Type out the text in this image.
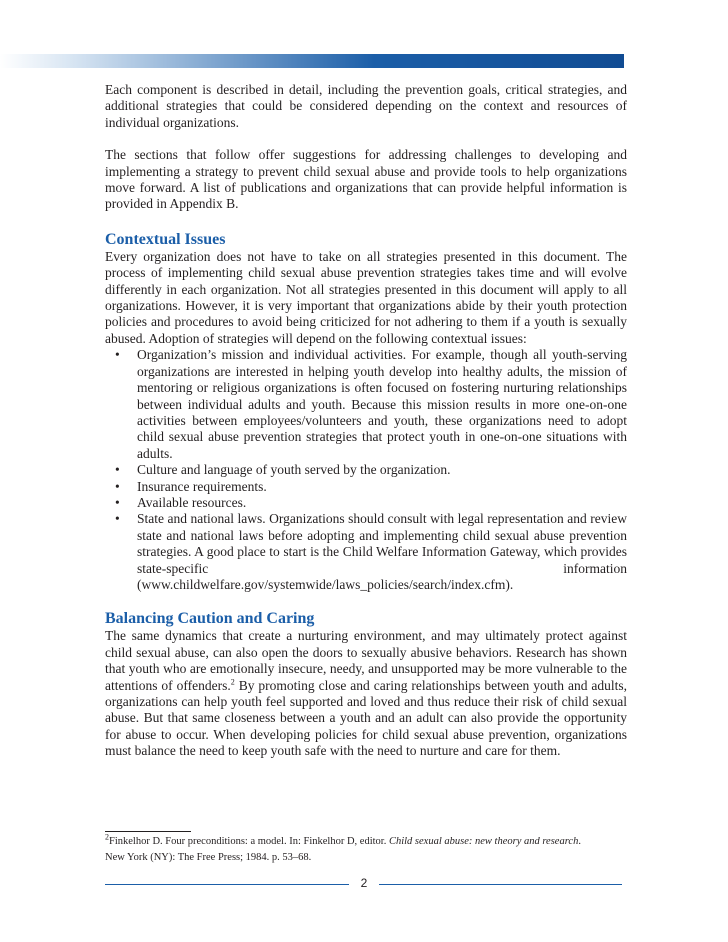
Each component is described in detail, including the prevention goals, critical strategies, and additional strategies that could be considered depending on the context and resources of individual organizations.

The sections that follow offer suggestions for addressing challenges to developing and implementing a strategy to prevent child sexual abuse and provide tools to help organizations move forward. A list of publications and organizations that can provide helpful information is provided in Appendix B.

Contextual Issues

Every organization does not have to take on all strategies presented in this document. The process of implementing child sexual abuse prevention strategies takes time and will evolve differently in each organization. Not all strategies presented in this document will apply to all organizations. However, it is very important that organizations abide by their youth protection policies and procedures to avoid being criticized for not adhering to them if a youth is sexually abused. Adoption of strategies will depend on the following contextual issues:

• Organization’s mission and individual activities. For example, though all youth-serving organizations are interested in helping youth develop into healthy adults, the mission of mentoring or religious organizations is often focused on fostering nurturing relationships between individual adults and youth. Because this mission results in more one-on-one activities between employees/volunteers and youth, these organizations need to adopt child sexual abuse prevention strategies that protect youth in one-on-one situations with adults.
• Culture and language of youth served by the organization.
• Insurance requirements.
• Available resources.
• State and national laws. Organizations should consult with legal representation and review state and national laws before adopting and implementing child sexual abuse prevention strategies. A good place to start is the Child Welfare Information Gateway, which provides state-specific information (www.childwelfare.gov/systemwide/laws_policies/search/index.cfm).
Balancing Caution and Caring

The same dynamics that create a nurturing environment, and may ultimately protect against child sexual abuse, can also open the doors to sexually abusive behaviors. Research has shown that youth who are emotionally insecure, needy, and unsupported may be more vulnerable to the attentions of offenders.$^2$ By promoting close and caring relationships between youth and adults, organizations can help youth feel supported and loved and thus reduce their risk of child sexual abuse. But that same closeness between a youth and an adult can also provide the opportunity for abuse to occur. When developing policies for child sexual abuse prevention, organizations must balance the need to keep youth safe with the need to nurture and care for them.

$^2$Finkelhor D. Four preconditions: a model. In: Finkelhor D, editor. Child sexual abuse: new theory and research.

New York (NY): The Free Press; 1984. p. 53–68.

2
